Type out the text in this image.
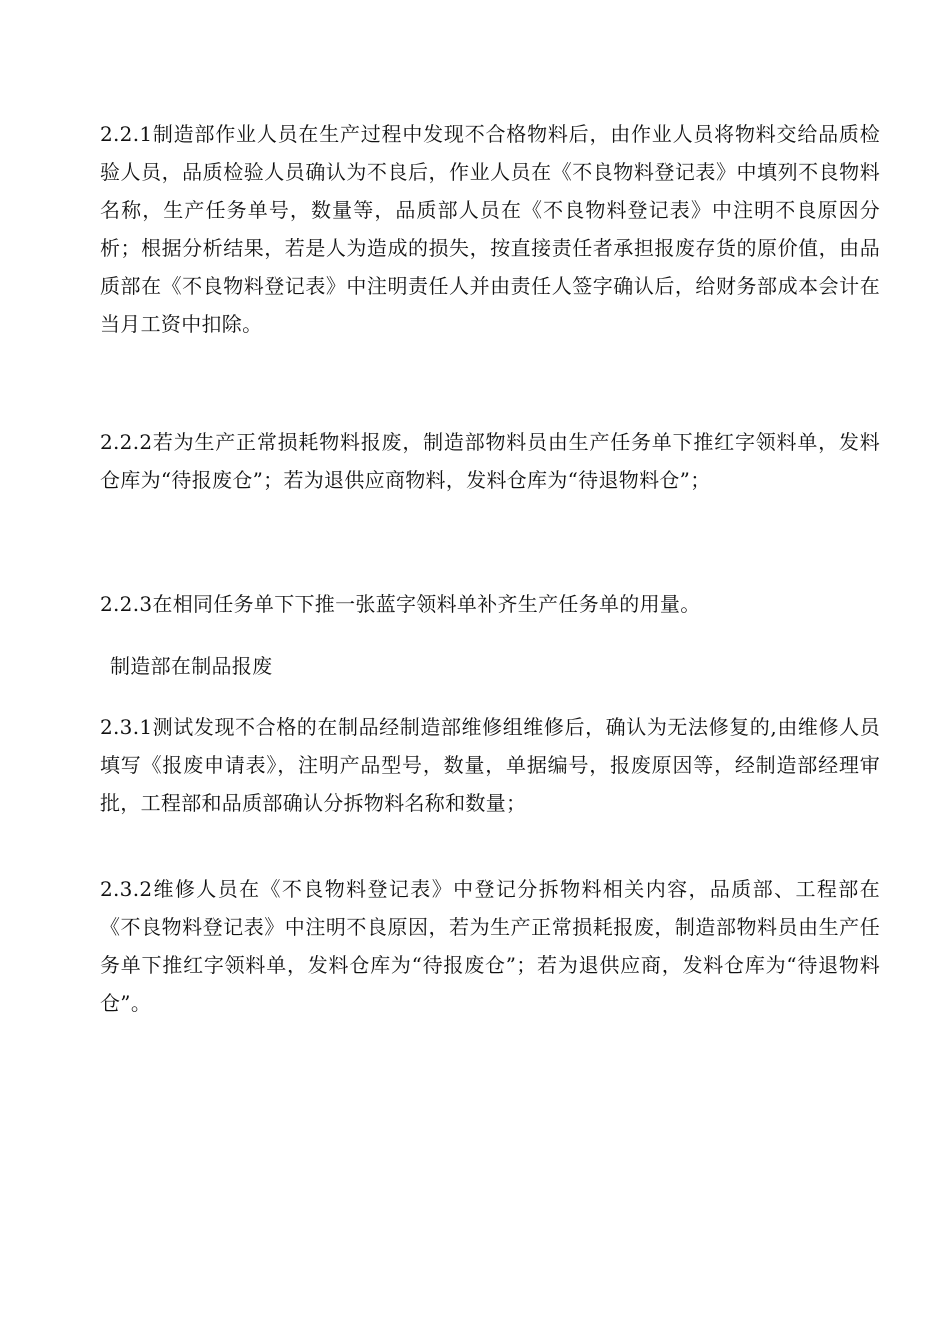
2.2.1制造部作业人员在生产过程中发现不合格物料后，由作业人员将物料交给品质检验人员，品质检验人员确认为不良后，作业人员在《不良物料登记表》中填列不良物料名称，生产任务单号，数量等，品质部人员在《不良物料登记表》中注明不良原因分析；根据分析结果，若是人为造成的损失，按直接责任者承担报废存货的原价值，由品质部在《不良物料登记表》中注明责任人并由责任人签字确认后，给财务部成本会计在当月工资中扣除。

2.2.2若为生产正常损耗物料报废，制造部物料员由生产任务单下推红字领料单，发料仓库为“待报废仓”；若为退供应商物料，发料仓库为“待退物料仓”；

2.2.3在相同任务单下下推一张蓝字领料单补齐生产任务单的用量。

制造部在制品报废

2.3.1测试发现不合格的在制品经制造部维修组维修后，确认为无法修复的,由维修人员填写《报废申请表》，注明产品型号，数量，单据编号，报废原因等，经制造部经理审批，工程部和品质部确认分拆物料名称和数量；

2.3.2维修人员在《不良物料登记表》中登记分拆物料相关内容，品质部、工程部在《不良物料登记表》中注明不良原因，若为生产正常损耗报废，制造部物料员由生产任务单下推红字领料单，发料仓库为“待报废仓”；若为退供应商，发料仓库为“待退物料仓”。
